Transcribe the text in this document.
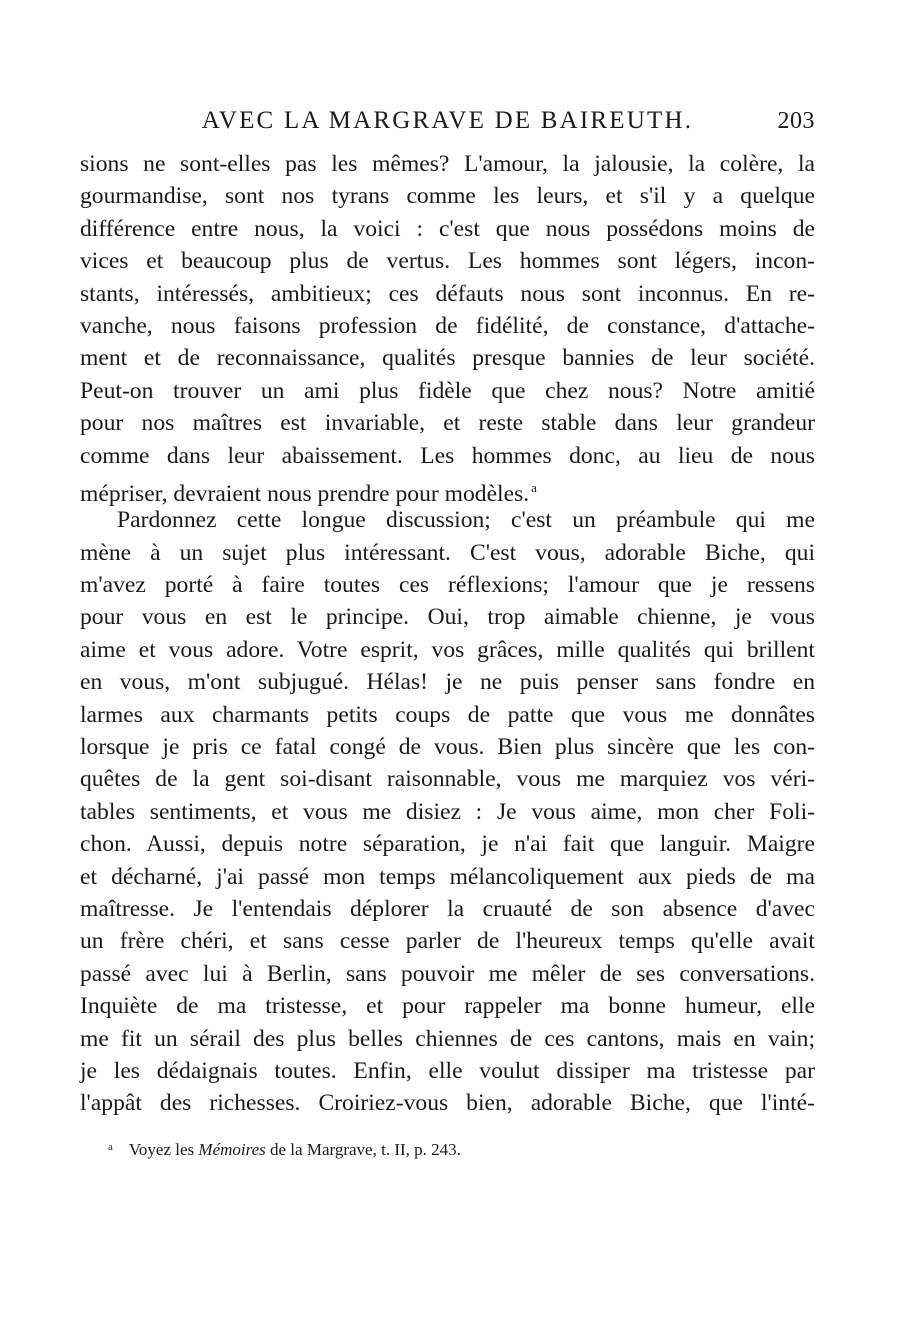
AVEC LA MARGRAVE DE BAIREUTH.	203
sions ne sont-elles pas les mêmes? L'amour, la jalousie, la colère, la
gourmandise, sont nos tyrans comme les leurs, et s'il y a quelque
différence entre nous, la voici : c'est que nous possédons moins de
vices et beaucoup plus de vertus. Les hommes sont légers, incon-
stants, intéressés, ambitieux; ces défauts nous sont inconnus. En re-
vanche, nous faisons profession de fidélité, de constance, d'attache-
ment et de reconnaissance, qualités presque bannies de leur société.
Peut-on trouver un ami plus fidèle que chez nous? Notre amitié
pour nos maîtres est invariable, et reste stable dans leur grandeur
comme dans leur abaissement. Les hommes donc, au lieu de nous
mépriser, devraient nous prendre pour modèles. $^a$
Pardonnez cette longue discussion; c'est un préambule qui me
mène à un sujet plus intéressant. C'est vous, adorable Biche, qui
m'avez porté à faire toutes ces réflexions; l'amour que je ressens
pour vous en est le principe. Oui, trop aimable chienne, je vous
aime et vous adore. Votre esprit, vos grâces, mille qualités qui brillent
en vous, m'ont subjugué. Hélas! je ne puis penser sans fondre en
larmes aux charmants petits coups de patte que vous me donnâtes
lorsque je pris ce fatal congé de vous. Bien plus sincère que les con-
quêtes de la gent soi-disant raisonnable, vous me marquiez vos véri-
tables sentiments, et vous me disiez : Je vous aime, mon cher Foli-
chon. Aussi, depuis notre séparation, je n'ai fait que languir. Maigre
et décharné, j'ai passé mon temps mélancoliquement aux pieds de ma
maîtresse. Je l'entendais déplorer la cruauté de son absence d'avec
un frère chéri, et sans cesse parler de l'heureux temps qu'elle avait
passé avec lui à Berlin, sans pouvoir me mêler de ses conversations.
Inquiète de ma tristesse, et pour rappeler ma bonne humeur, elle
me fit un sérail des plus belles chiennes de ces cantons, mais en vain;
je les dédaignais toutes. Enfin, elle voulut dissiper ma tristesse par
l'appât des richesses. Croiriez-vous bien, adorable Biche, que l'inté-
$^a$ Voyez les Mémoires de la Margrave, t. II, p. 243.
